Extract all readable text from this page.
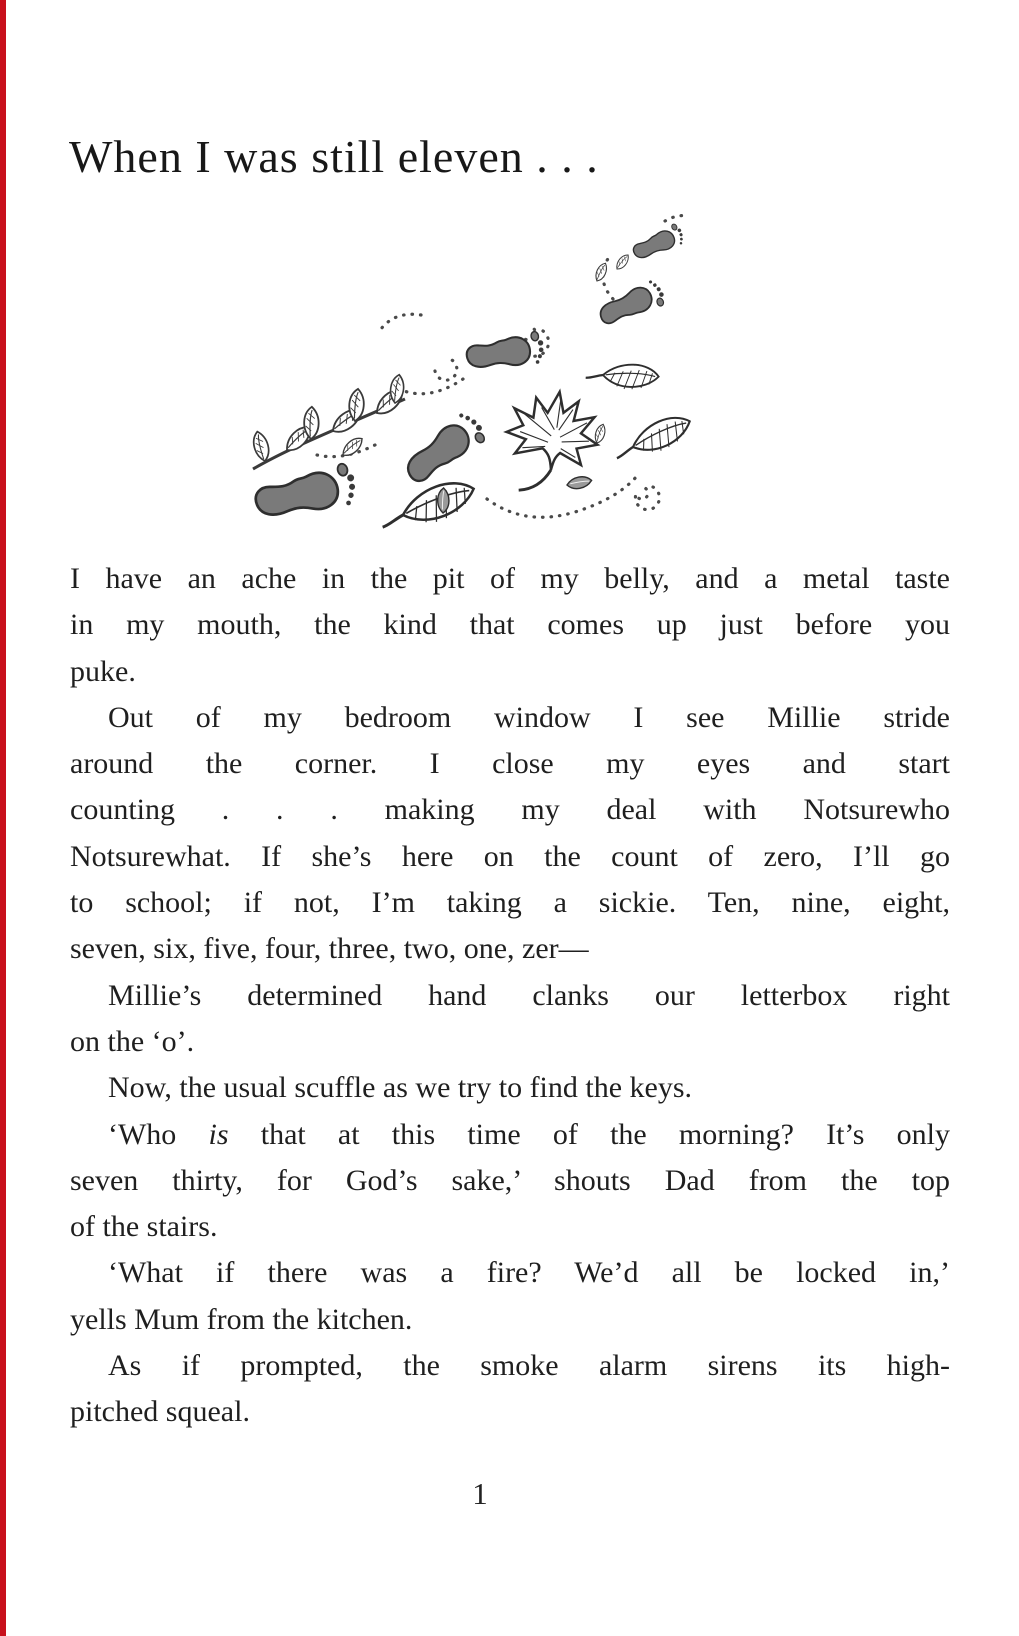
When I was still eleven . . .
I have an ache in the pit of my belly, and a metal taste
in my mouth, the kind that comes up just before you
puke.
Out of my bedroom window I see Millie stride
around the corner. I close my eyes and start
counting . . . making my deal with Notsurewho
Notsurewhat. If she’s here on the count of zero, I’ll go
to school; if not, I’m taking a sickie. Ten, nine, eight,
seven, six, five, four, three, two, one, zer—
Millie’s determined hand clanks our letterbox right
on the ‘o’.
Now, the usual scuffle as we try to find the keys.
‘Who is that at this time of the morning? It’s only
seven thirty, for God’s sake,’ shouts Dad from the top
of the stairs.
‘What if there was a fire? We’d all be locked in,’
yells Mum from the kitchen.
As if prompted, the smoke alarm sirens its high-
pitched squeal.
1
